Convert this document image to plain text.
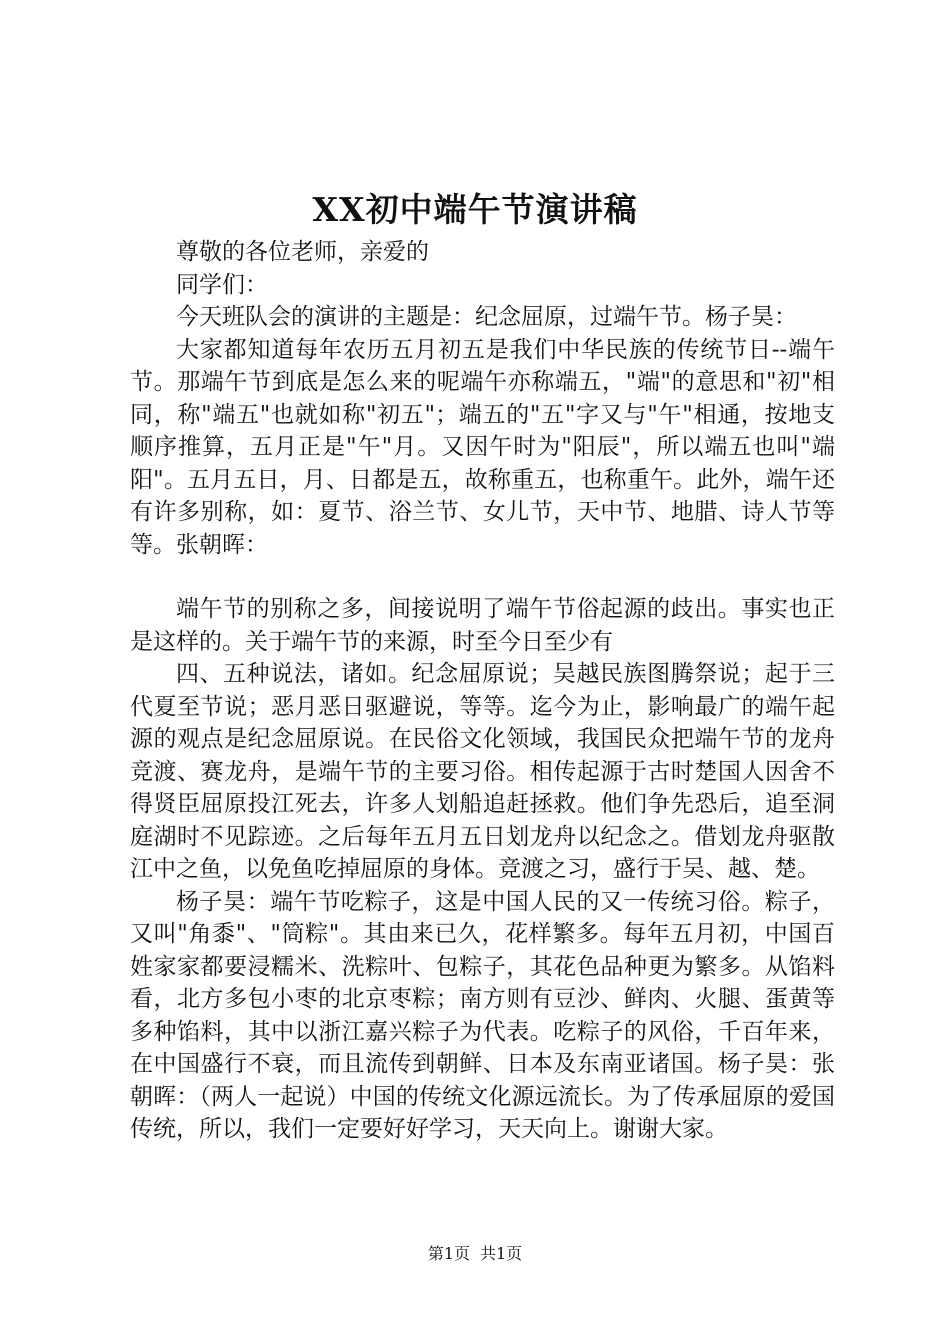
XX初中端午节演讲稿

尊敬的各位老师，亲爱的

同学们：

今天班队会的演讲的主题是：纪念屈原，过端午节。杨子昊：

大家都知道每年农历五月初五是我们中华民族的传统节日--端午节。那端午节到底是怎么来的呢端午亦称端五，"端"的意思和"初"相同，称"端五"也就如称"初五"；端五的"五"字又与"午"相通，按地支顺序推算，五月正是"午"月。又因午时为"阳辰"，所以端五也叫"端阳"。五月五日，月、日都是五，故称重五，也称重午。此外，端午还有许多别称，如：夏节、浴兰节、女儿节，天中节、地腊、诗人节等等。张朝晖：

端午节的别称之多，间接说明了端午节俗起源的歧出。事实也正是这样的。关于端午节的来源，时至今日至少有

四、五种说法，诸如。纪念屈原说；吴越民族图腾祭说；起于三代夏至节说；恶月恶日驱避说，等等。迄今为止，影响最广的端午起源的观点是纪念屈原说。在民俗文化领域，我国民众把端午节的龙舟竞渡、赛龙舟，是端午节的主要习俗。相传起源于古时楚国人因舍不得贤臣屈原投江死去，许多人划船追赶拯救。他们争先恐后，追至洞庭湖时不见踪迹。之后每年五月五日划龙舟以纪念之。借划龙舟驱散江中之鱼，以免鱼吃掉屈原的身体。竞渡之习，盛行于吴、越、楚。

杨子昊：端午节吃粽子，这是中国人民的又一传统习俗。粽子，又叫"角黍"、"筒粽"。其由来已久，花样繁多。每年五月初，中国百姓家家都要浸糯米、洗粽叶、包粽子，其花色品种更为繁多。从馅料看，北方多包小枣的北京枣粽；南方则有豆沙、鲜肉、火腿、蛋黄等多种馅料，其中以浙江嘉兴粽子为代表。吃粽子的风俗，千百年来，在中国盛行不衰，而且流传到朝鲜、日本及东南亚诸国。杨子昊：张朝晖：（两人一起说）中国的传统文化源远流长。为了传承屈原的爱国传统，所以，我们一定要好好学习，天天向上。谢谢大家。

第1页 共1页
